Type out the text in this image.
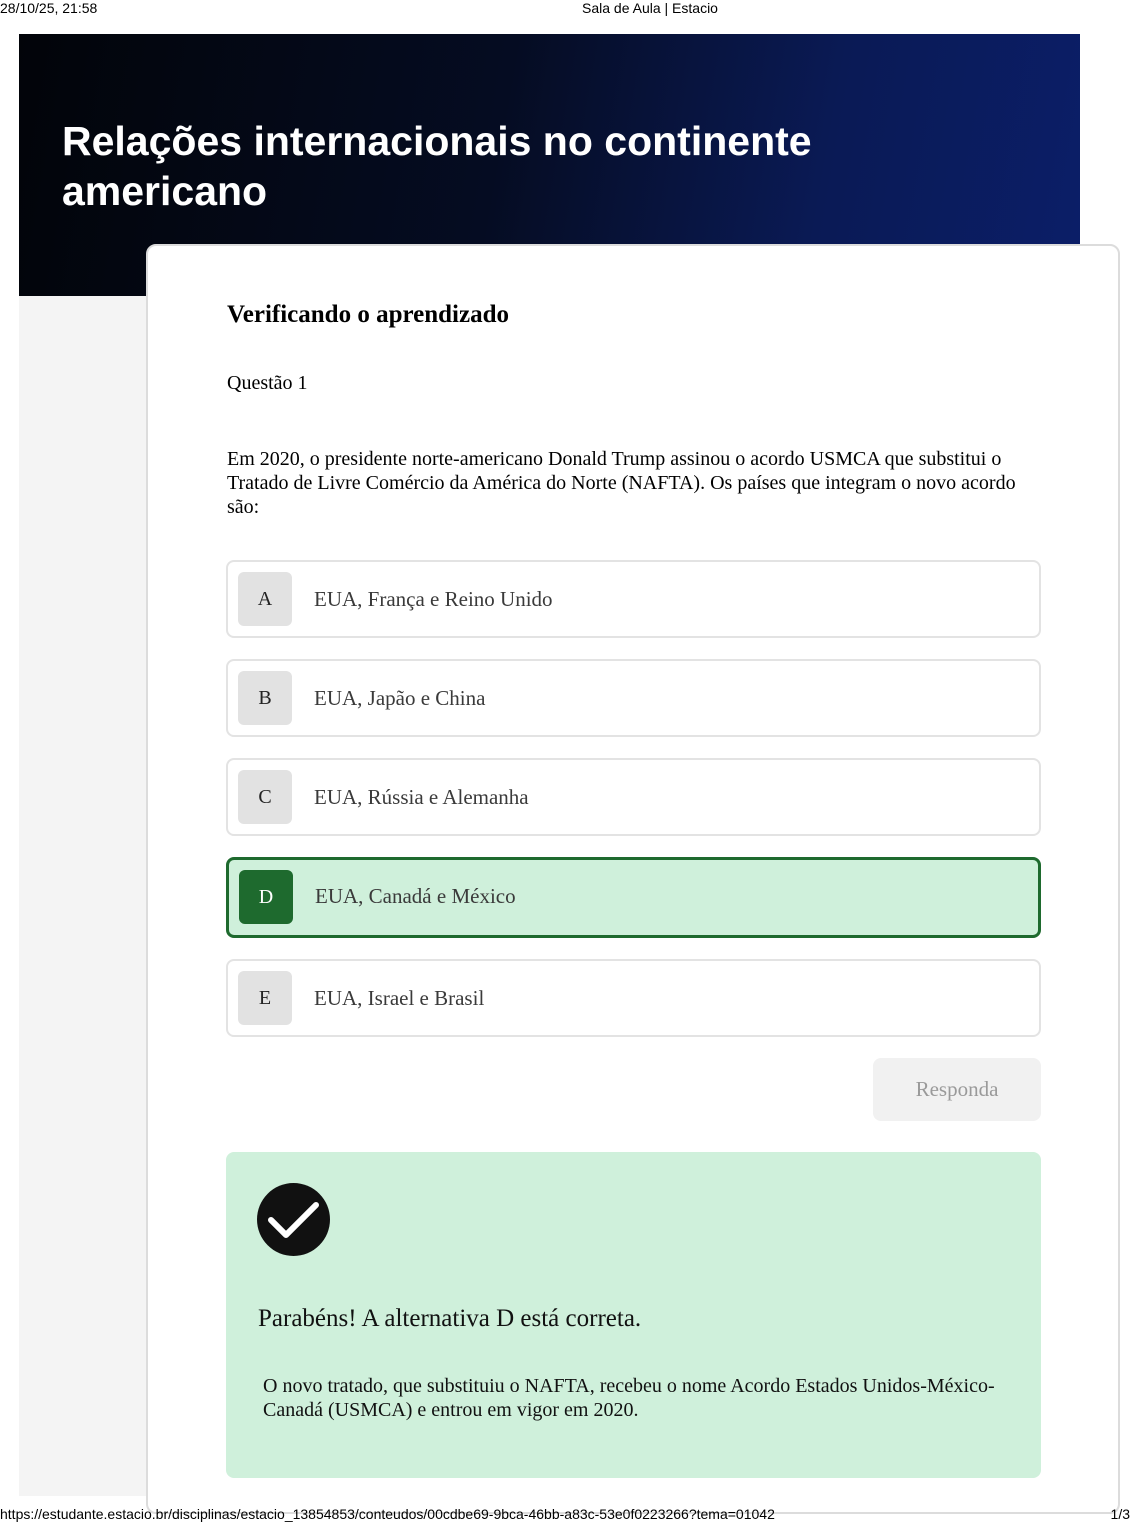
28/10/25, 21:58	Sala de Aula | Estacio
Relações internacionais no continente americano
Verificando o aprendizado
Questão 1
Em 2020, o presidente norte-americano Donald Trump assinou o acordo USMCA que substitui o Tratado de Livre Comércio da América do Norte (NAFTA). Os países que integram o novo acordo são:
A	EUA, França e Reino Unido
B	EUA, Japão e China
C	EUA, Rússia e Alemanha
D	EUA, Canadá e México
E	EUA, Israel e Brasil
Responda
Parabéns! A alternativa D está correta.
O novo tratado, que substituiu o NAFTA, recebeu o nome Acordo Estados Unidos-México-Canadá (USMCA) e entrou em vigor em 2020.
https://estudante.estacio.br/disciplinas/estacio_13854853/conteudos/00cdbe69-9bca-46bb-a83c-53e0f0223266?tema=01042	1/3
